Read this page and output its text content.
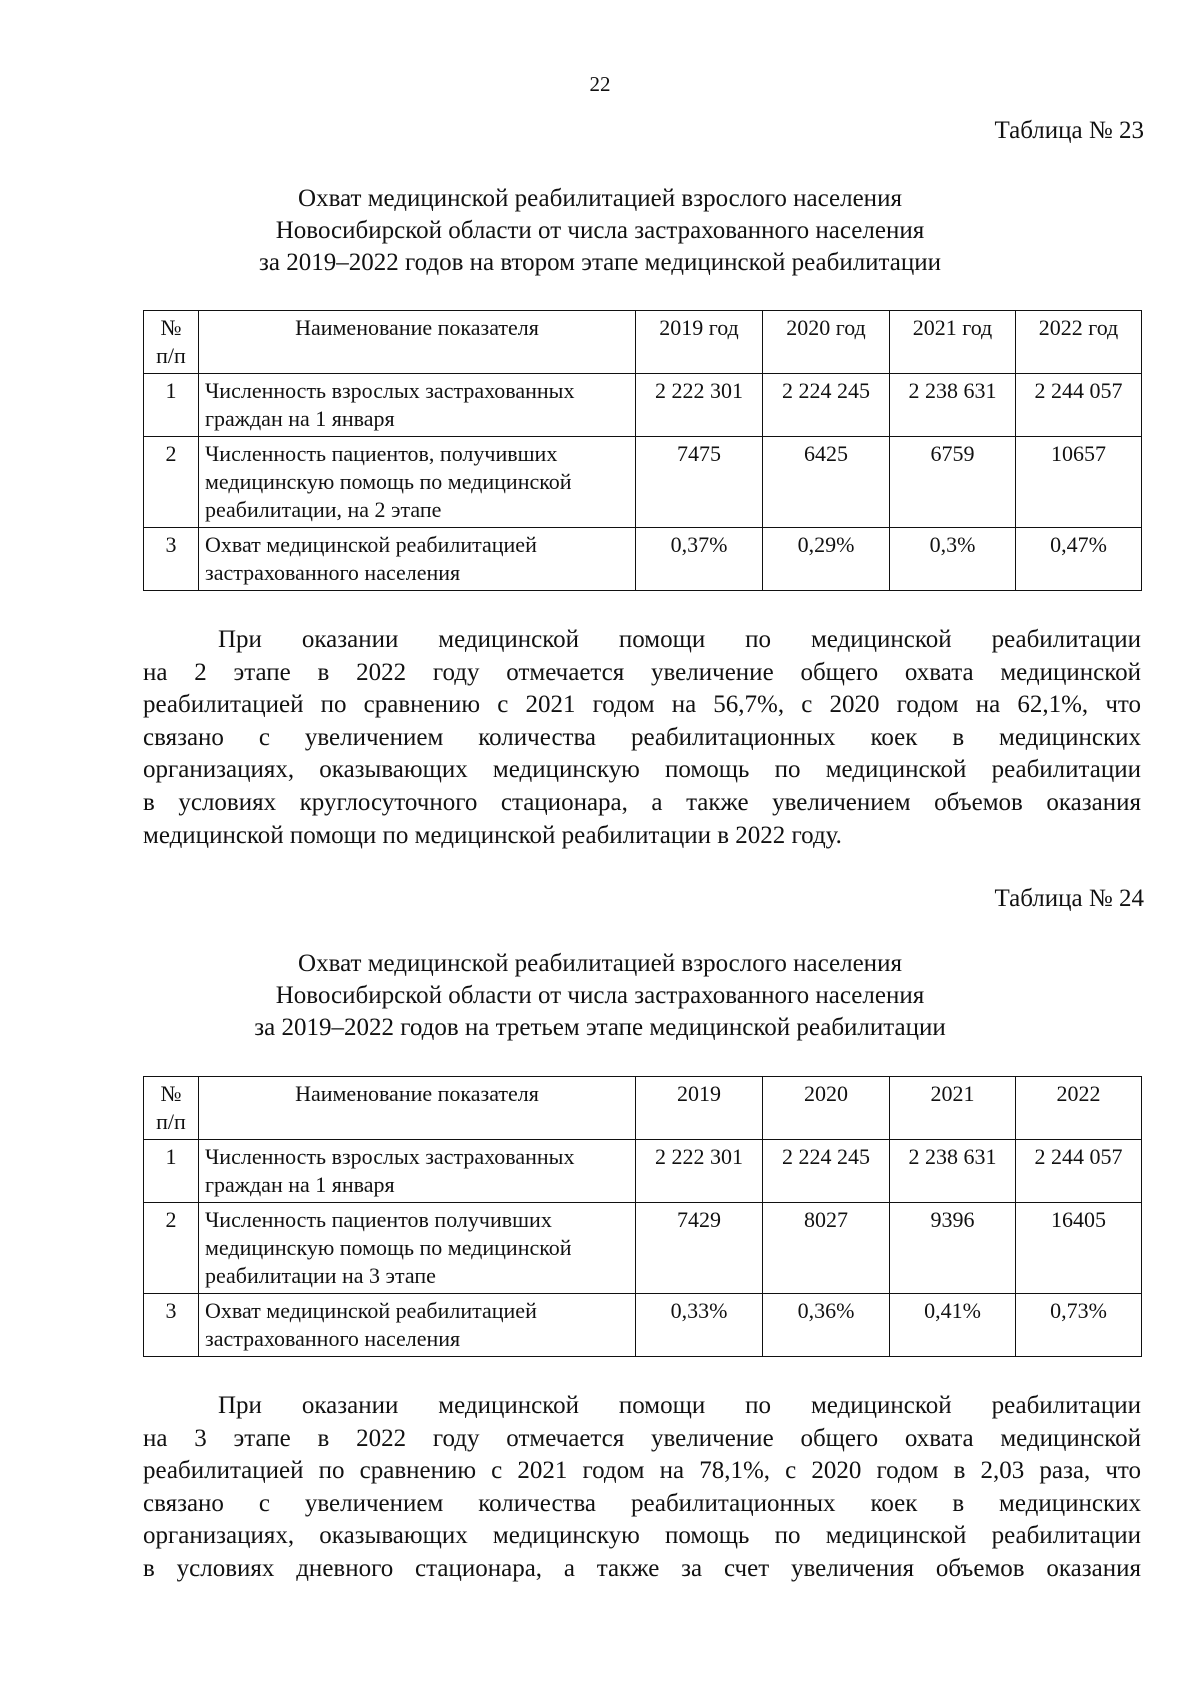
22
Таблица № 23
Охват медицинской реабилитацией взрослого населения
Новосибирской области от числа застрахованного населения
за 2019–2022 годов на втором этапе медицинской реабилитации
№ п/п	Наименование показателя	2019 год	2020 год	2021 год	2022 год
1	Численность взрослых застрахованных граждан на 1 января	2 222 301	2 224 245	2 238 631	2 244 057
2	Численность пациентов, получивших медицинскую помощь по медицинской реабилитации, на 2 этапе	7475	6425	6759	10657
3	Охват медицинской реабилитацией застрахованного населения	0,37%	0,29%	0,3%	0,47%
При оказании медицинской помощи по медицинской реабилитации
на 2 этапе в 2022 году отмечается увеличение общего охвата медицинской
реабилитацией по сравнению с 2021 годом на 56,7%, с 2020 годом на 62,1%, что
связано с увеличением количества реабилитационных коек в медицинских
организациях, оказывающих медицинскую помощь по медицинской реабилитации
в условиях круглосуточного стационара, а также увеличением объемов оказания
медицинской помощи по медицинской реабилитации в 2022 году.
Таблица № 24
Охват медицинской реабилитацией взрослого населения
Новосибирской области от числа застрахованного населения
за 2019–2022 годов на третьем этапе медицинской реабилитации
№ п/п	Наименование показателя	2019	2020	2021	2022
1	Численность взрослых застрахованных граждан на 1 января	2 222 301	2 224 245	2 238 631	2 244 057
2	Численность пациентов получивших медицинскую помощь по медицинской реабилитации на 3 этапе	7429	8027	9396	16405
3	Охват медицинской реабилитацией застрахованного населения	0,33%	0,36%	0,41%	0,73%
При оказании медицинской помощи по медицинской реабилитации
на 3 этапе в 2022 году отмечается увеличение общего охвата медицинской
реабилитацией по сравнению с 2021 годом на 78,1%, с 2020 годом в 2,03 раза, что
связано с увеличением количества реабилитационных коек в медицинских
организациях, оказывающих медицинскую помощь по медицинской реабилитации
в условиях дневного стационара, а также за счет увеличения объемов оказания
